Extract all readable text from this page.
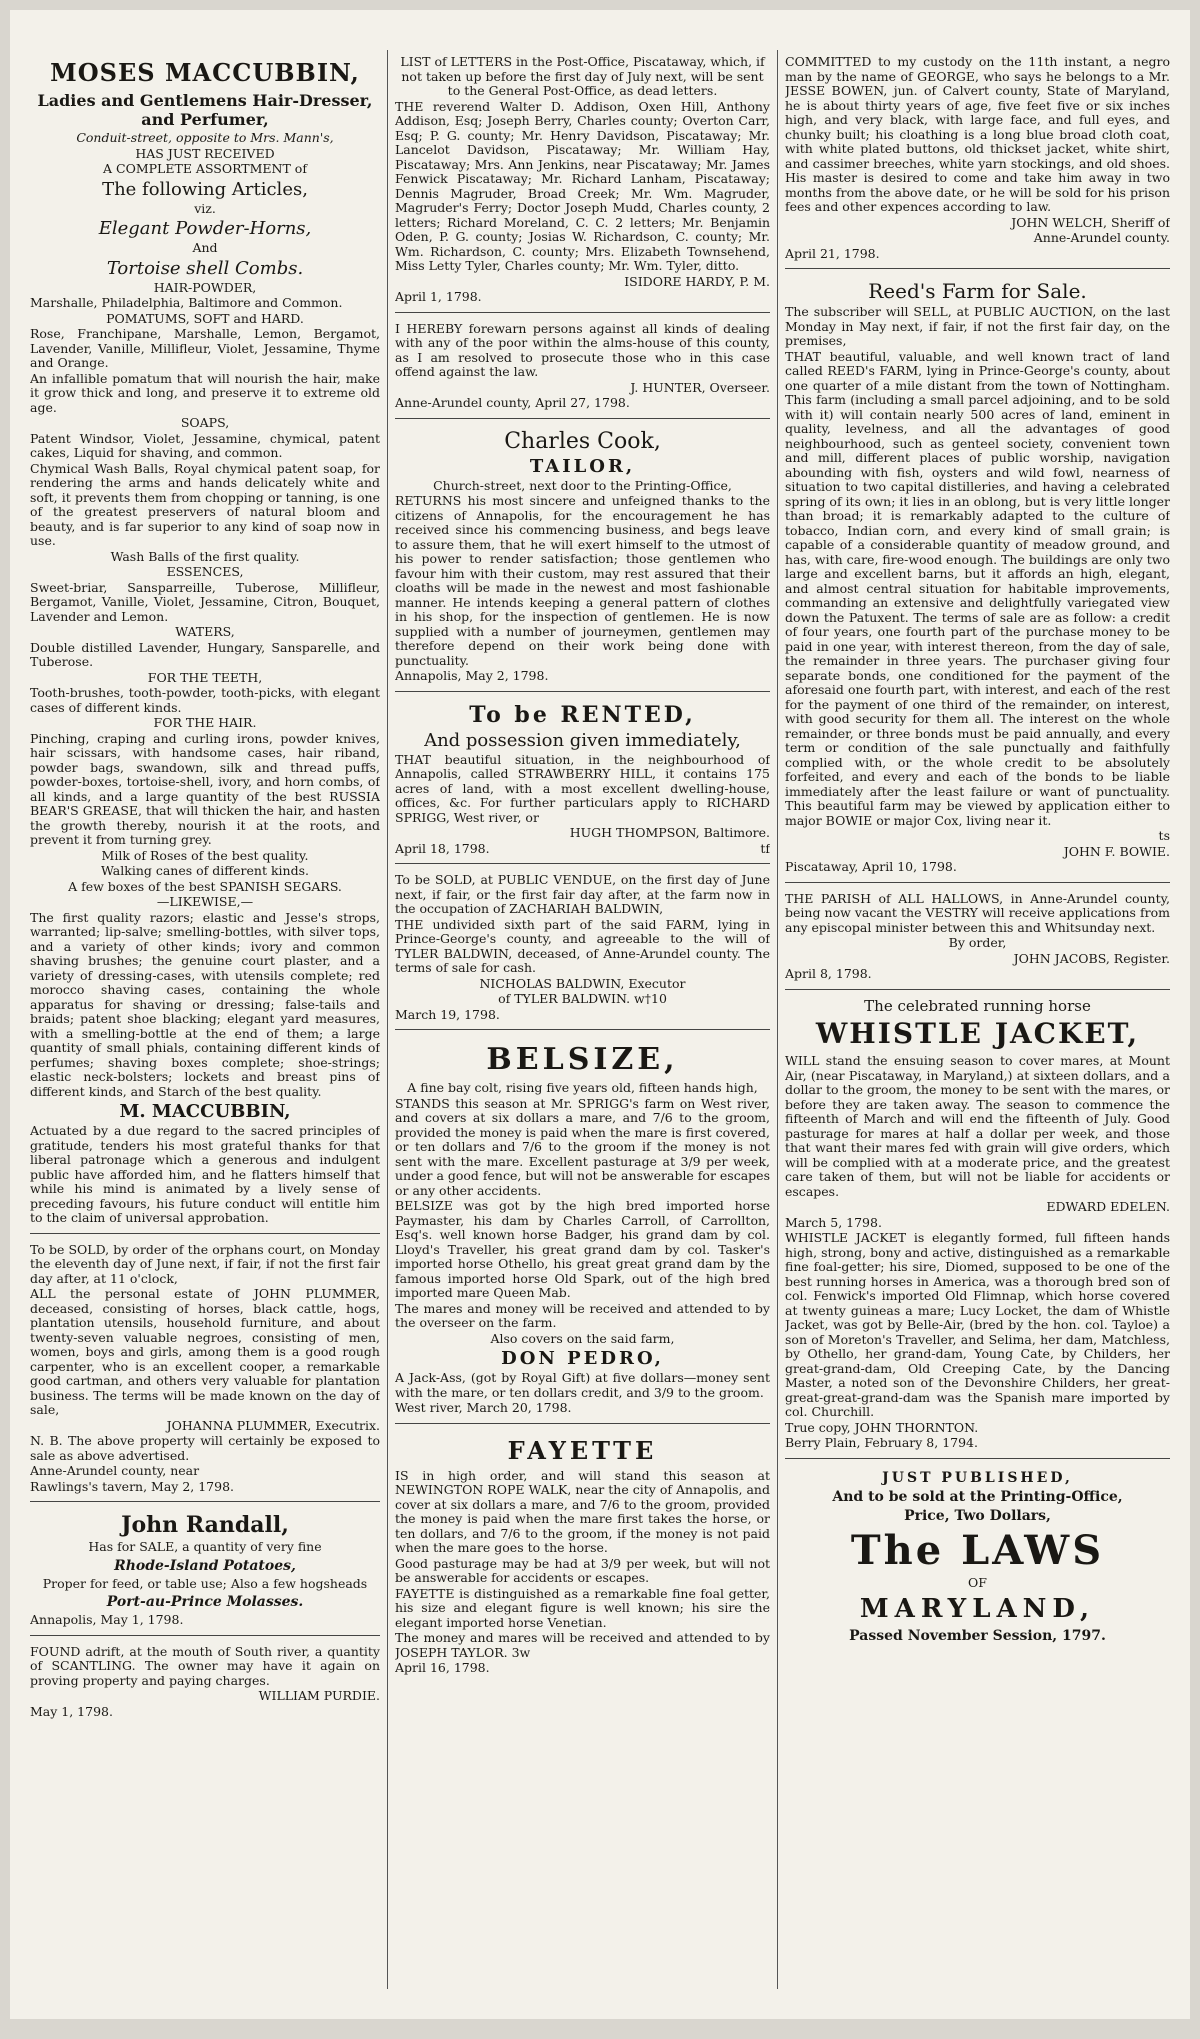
MOSES MACCUBBIN,
Ladies and Gentlemens Hair-Dresser, and Perfumer,
Conduit-street, opposite to Mrs. Mann's,
HAS JUST RECEIVED
A COMPLETE ASSORTMENT of
The following Articles,
viz.
Elegant Powder-Horns,
And
Tortoise shell Combs.
HAIR-POWDER,
Marshalle, Philadelphia, Baltimore and Common.
POMATUMS, SOFT and HARD.
Rose, Franchipane, Marshalle, Lemon, Bergamot, Lavender, Vanille, Millifleur, Violet, Jessamine, Thyme and Orange.
An infallible pomatum that will nourish the hair, make it grow thick and long, and preserve it to extreme old age.
SOAPS,
Patent Windsor, Violet, Jessamine, chymical, patent cakes, Liquid for shaving, and common.
Chymical Wash Balls, Royal chymical patent soap, for rendering the arms and hands delicately white and soft, it prevents them from chopping or tanning, is one of the greatest preservers of natural bloom and beauty, and is far superior to any kind of soap now in use.
Wash Balls of the first quality.
ESSENCES,
Sweet-briar, Sansparreille, Tuberose, Millifleur, Bergamot, Vanille, Violet, Jessamine, Citron, Bouquet, Lavender and Lemon.
WATERS,
Double distilled Lavender, Hungary, Sansparelle, and Tuberose.
FOR THE TEETH,
Tooth-brushes, tooth-powder, tooth-picks, with elegant cases of different kinds.
FOR THE HAIR.
Pinching, craping and curling irons, powder knives, hair scissars, with handsome cases, hair riband, powder bags, swandown, silk and thread puffs, powder-boxes, tortoise-shell, ivory, and horn combs, of all kinds, and a large quantity of the best RUSSIA BEAR'S GREASE, that will thicken the hair, and hasten the growth thereby, nourish it at the roots, and prevent it from turning grey.
Milk of Roses of the best quality.
Walking canes of different kinds.
A few boxes of the best SPANISH SEGARS.
—LIKEWISE,—
The first quality razors; elastic and Jesse's strops, warranted; lip-salve; smelling-bottles, with silver tops, and a variety of other kinds; ivory and common shaving brushes; the genuine court plaster, and a variety of dressing-cases, with utensils complete; red morocco shaving cases, containing the whole apparatus for shaving or dressing; false-tails and braids; patent shoe blacking; elegant yard measures, with a smelling-bottle at the end of them; a large quantity of small phials, containing different kinds of perfumes; shaving boxes complete; shoe-strings; elastic neck-bolsters; lockets and breast pins of different kinds, and Starch of the best quality.
M. MACCUBBIN,
Actuated by a due regard to the sacred principles of gratitude, tenders his most grateful thanks for that liberal patronage which a generous and indulgent public have afforded him, and he flatters himself that while his mind is animated by a lively sense of preceding favours, his future conduct will entitle him to the claim of universal approbation.
To be SOLD, by order of the orphans court, on Monday the eleventh day of June next, if fair, if not the first fair day after, at 11 o'clock,
ALL the personal estate of JOHN PLUMMER, deceased, consisting of horses, black cattle, hogs, plantation utensils, household furniture, and about twenty-seven valuable negroes, consisting of men, women, boys and girls, among them is a good rough carpenter, who is an excellent cooper, a remarkable good cartman, and others very valuable for plantation business. The terms will be made known on the day of sale,
JOHANNA PLUMMER, Executrix.
N. B. The above property will certainly be exposed to sale as above advertised.
Anne-Arundel county, near
Rawlings's tavern, May 2, 1798.
John Randall,
Has for SALE, a quantity of very fine
Rhode-Island Potatoes,
Proper for feed, or table use; Also a few hogsheads
Port-au-Prince Molasses.
Annapolis, May 1, 1798.
FOUND adrift, at the mouth of South river, a quantity of SCANTLING. The owner may have it again on proving property and paying charges.
WILLIAM PURDIE.
May 1, 1798.
LIST of LETTERS in the Post-Office, Piscataway, which, if not taken up before the first day of July next, will be sent to the General Post-Office, as dead letters.
THE reverend Walter D. Addison, Oxen Hill, Anthony Addison, Esq; Joseph Berry, Charles county; Overton Carr, Esq; P. G. county; Mr. Henry Davidson, Piscataway; Mr. Lancelot Davidson, Piscataway; Mr. William Hay, Piscataway; Mrs. Ann Jenkins, near Piscataway; Mr. James Fenwick Piscataway; Mr. Richard Lanham, Piscataway; Dennis Magruder, Broad Creek; Mr. Wm. Magruder, Magruder's Ferry; Doctor Joseph Mudd, Charles county, 2 letters; Richard Moreland, C. C. 2 letters; Mr. Benjamin Oden, P. G. county; Josias W. Richardson, C. county; Mr. Wm. Richardson, C. county; Mrs. Elizabeth Townsehend, Miss Letty Tyler, Charles county; Mr. Wm. Tyler, ditto.
ISIDORE HARDY, P. M.
April 1, 1798.
I HEREBY forewarn persons against all kinds of dealing with any of the poor within the alms-house of this county, as I am resolved to prosecute those who in this case offend against the law.
J. HUNTER, Overseer.
Anne-Arundel county, April 27, 1798.
Charles Cook,
TAILOR,
Church-street, next door to the Printing-Office,
RETURNS his most sincere and unfeigned thanks to the citizens of Annapolis, for the encouragement he has received since his commencing business, and begs leave to assure them, that he will exert himself to the utmost of his power to render satisfaction; those gentlemen who favour him with their custom, may rest assured that their cloaths will be made in the newest and most fashionable manner. He intends keeping a general pattern of clothes in his shop, for the inspection of gentlemen. He is now supplied with a number of journeymen, gentlemen may therefore depend on their work being done with punctuality.
Annapolis, May 2, 1798.
To be RENTED,
And possession given immediately,
THAT beautiful situation, in the neighbourhood of Annapolis, called STRAWBERRY HILL, it contains 175 acres of land, with a most excellent dwelling-house, offices, &c. For further particulars apply to RICHARD SPRIGG, West river, or
HUGH THOMPSON, Baltimore.
April 18, 1798.	tf
To be SOLD, at PUBLIC VENDUE, on the first day of June next, if fair, or the first fair day after, at the farm now in the occupation of ZACHARIAH BALDWIN,
THE undivided sixth part of the said FARM, lying in Prince-George's county, and agreeable to the will of TYLER BALDWIN, deceased, of Anne-Arundel county. The terms of sale for cash.
NICHOLAS BALDWIN, Executor
of TYLER BALDWIN. w†10
March 19, 1798.
BELSIZE,
A fine bay colt, rising five years old, fifteen hands high,
STANDS this season at Mr. SPRIGG's farm on West river, and covers at six dollars a mare, and 7/6 to the groom, provided the money is paid when the mare is first covered, or ten dollars and 7/6 to the groom if the money is not sent with the mare. Excellent pasturage at 3/9 per week, under a good fence, but will not be answerable for escapes or any other accidents.
BELSIZE was got by the high bred imported horse Paymaster, his dam by Charles Carroll, of Carrollton, Esq's. well known horse Badger, his grand dam by col. Lloyd's Traveller, his great grand dam by col. Tasker's imported horse Othello, his great great grand dam by the famous imported horse Old Spark, out of the high bred imported mare Queen Mab.
The mares and money will be received and attended to by the overseer on the farm.
Also covers on the said farm,
DON PEDRO,
A Jack-Ass, (got by Royal Gift) at five dollars—money sent with the mare, or ten dollars credit, and 3/9 to the groom.
West river, March 20, 1798.
FAYETTE
IS in high order, and will stand this season at NEWINGTON ROPE WALK, near the city of Annapolis, and cover at six dollars a mare, and 7/6 to the groom, provided the money is paid when the mare first takes the horse, or ten dollars, and 7/6 to the groom, if the money is not paid when the mare goes to the horse.
Good pasturage may be had at 3/9 per week, but will not be answerable for accidents or escapes.
FAYETTE is distinguished as a remarkable fine foal getter, his size and elegant figure is well known; his sire the elegant imported horse Venetian.
The money and mares will be received and attended to by JOSEPH TAYLOR. 3w
April 16, 1798.
COMMITTED to my custody on the 11th instant, a negro man by the name of GEORGE, who says he belongs to a Mr. JESSE BOWEN, jun. of Calvert county, State of Maryland, he is about thirty years of age, five feet five or six inches high, and very black, with large face, and full eyes, and chunky built; his cloathing is a long blue broad cloth coat, with white plated buttons, old thickset jacket, white shirt, and cassimer breeches, white yarn stockings, and old shoes. His master is desired to come and take him away in two months from the above date, or he will be sold for his prison fees and other expences according to law.
JOHN WELCH, Sheriff of
Anne-Arundel county.
April 21, 1798.
Reed's Farm for Sale.
The subscriber will SELL, at PUBLIC AUCTION, on the last Monday in May next, if fair, if not the first fair day, on the premises,
THAT beautiful, valuable, and well known tract of land called REED's FARM, lying in Prince-George's county, about one quarter of a mile distant from the town of Nottingham. This farm (including a small parcel adjoining, and to be sold with it) will contain nearly 500 acres of land, eminent in quality, levelness, and all the advantages of good neighbourhood, such as genteel society, convenient town and mill, different places of public worship, navigation abounding with fish, oysters and wild fowl, nearness of situation to two capital distilleries, and having a celebrated spring of its own; it lies in an oblong, but is very little longer than broad; it is remarkably adapted to the culture of tobacco, Indian corn, and every kind of small grain; is capable of a considerable quantity of meadow ground, and has, with care, fire-wood enough. The buildings are only two large and excellent barns, but it affords an high, elegant, and almost central situation for habitable improvements, commanding an extensive and delightfully variegated view down the Patuxent. The terms of sale are as follow: a credit of four years, one fourth part of the purchase money to be paid in one year, with interest thereon, from the day of sale, the remainder in three years. The purchaser giving four separate bonds, one conditioned for the payment of the aforesaid one fourth part, with interest, and each of the rest for the payment of one third of the remainder, on interest, with good security for them all. The interest on the whole remainder, or three bonds must be paid annually, and every term or condition of the sale punctually and faithfully complied with, or the whole credit to be absolutely forfeited, and every and each of the bonds to be liable immediately after the least failure or want of punctuality. This beautiful farm may be viewed by application either to major BOWIE or major Cox, living near it.
ts
JOHN F. BOWIE.
Piscataway, April 10, 1798.
THE PARISH of ALL HALLOWS, in Anne-Arundel county, being now vacant the VESTRY will receive applications from any episcopal minister between this and Whitsunday next.
By order,
JOHN JACOBS, Register.
April 8, 1798.
The celebrated running horse
WHISTLE JACKET,
WILL stand the ensuing season to cover mares, at Mount Air, (near Piscataway, in Maryland,) at sixteen dollars, and a dollar to the groom, the money to be sent with the mares, or before they are taken away. The season to commence the fifteenth of March and will end the fifteenth of July. Good pasturage for mares at half a dollar per week, and those that want their mares fed with grain will give orders, which will be complied with at a moderate price, and the greatest care taken of them, but will not be liable for accidents or escapes.
EDWARD EDELEN.
March 5, 1798.
WHISTLE JACKET is elegantly formed, full fifteen hands high, strong, bony and active, distinguished as a remarkable fine foal-getter; his sire, Diomed, supposed to be one of the best running horses in America, was a thorough bred son of col. Fenwick's imported Old Flimnap, which horse covered at twenty guineas a mare; Lucy Locket, the dam of Whistle Jacket, was got by Belle-Air, (bred by the hon. col. Tayloe) a son of Moreton's Traveller, and Selima, her dam, Matchless, by Othello, her grand-dam, Young Cate, by Childers, her great-grand-dam, Old Creeping Cate, by the Dancing Master, a noted son of the Devonshire Childers, her great-great-great-grand-dam was the Spanish mare imported by col. Churchill.
True copy, JOHN THORNTON.
Berry Plain, February 8, 1794.
JUST PUBLISHED,
And to be sold at the Printing-Office,
Price, Two Dollars,
The LAWS
OF
MARYLAND,
Passed November Session, 1797.
